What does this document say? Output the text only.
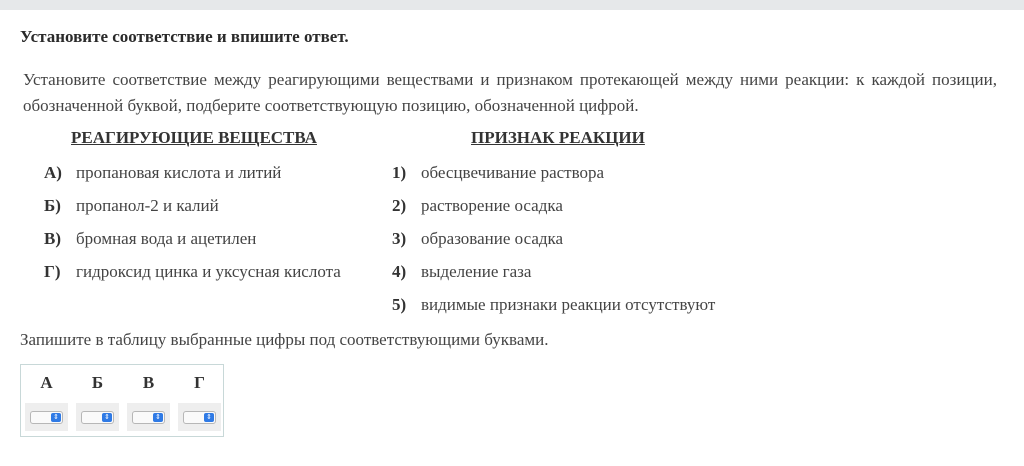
Установите соответствие и впишите ответ.
Установите соответствие между реагирующими веществами и признаком протекающей между ними реакции: к каждой позиции, обозначенной буквой, подберите соответствующую позицию, обозначенной цифрой.
РЕАГИРУЮЩИЕ ВЕЩЕСТВА	ПРИЗНАК РЕАКЦИИ
А) пропановая кислота и литий
Б) пропанол-2 и калий
В) бромная вода и ацетилен
Г) гидроксид цинка и уксусная кислота
1) обесцвечивание раствора
2) растворение осадка
3) образование осадка
4) выделение газа
5) видимые признаки реакции отсутствуют
Запишите в таблицу выбранные цифры под соответствующими буквами.
А
⇕
Б
⇕
В
⇕
Г
⇕
